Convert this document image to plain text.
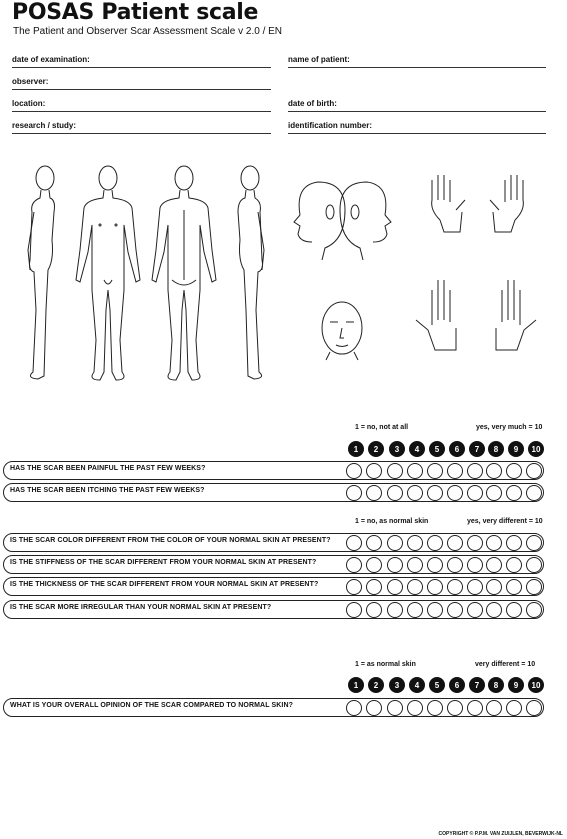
POSAS Patient scale
The Patient and Observer Scar Assessment Scale v 2.0 / EN
date of examination:
observer:
location:
research / study:
name of patient:
date of birth:
identification number:
1 = no, not at all	yes, very much = 10
1	2	3	4	5	6	7	8	9	10
HAS THE SCAR BEEN PAINFUL THE PAST FEW WEEKS?
HAS THE SCAR BEEN ITCHING THE PAST FEW WEEKS?
1 = no, as normal skin	yes, very different = 10
IS THE SCAR COLOR DIFFERENT FROM THE COLOR OF YOUR NORMAL SKIN AT PRESENT?
IS THE STIFFNESS OF THE SCAR DIFFERENT FROM YOUR NORMAL SKIN AT PRESENT?
IS THE THICKNESS OF THE SCAR DIFFERENT FROM YOUR NORMAL SKIN AT PRESENT?
IS THE SCAR MORE IRREGULAR THAN YOUR NORMAL SKIN AT PRESENT?
1 = as normal skin	very different = 10
1	2	3	4	5	6	7	8	9	10
WHAT IS YOUR OVERALL OPINION OF THE SCAR COMPARED TO NORMAL SKIN?
COPYRIGHT © P.P.M. VAN ZUIJLEN, BEVERWIJK-NL
